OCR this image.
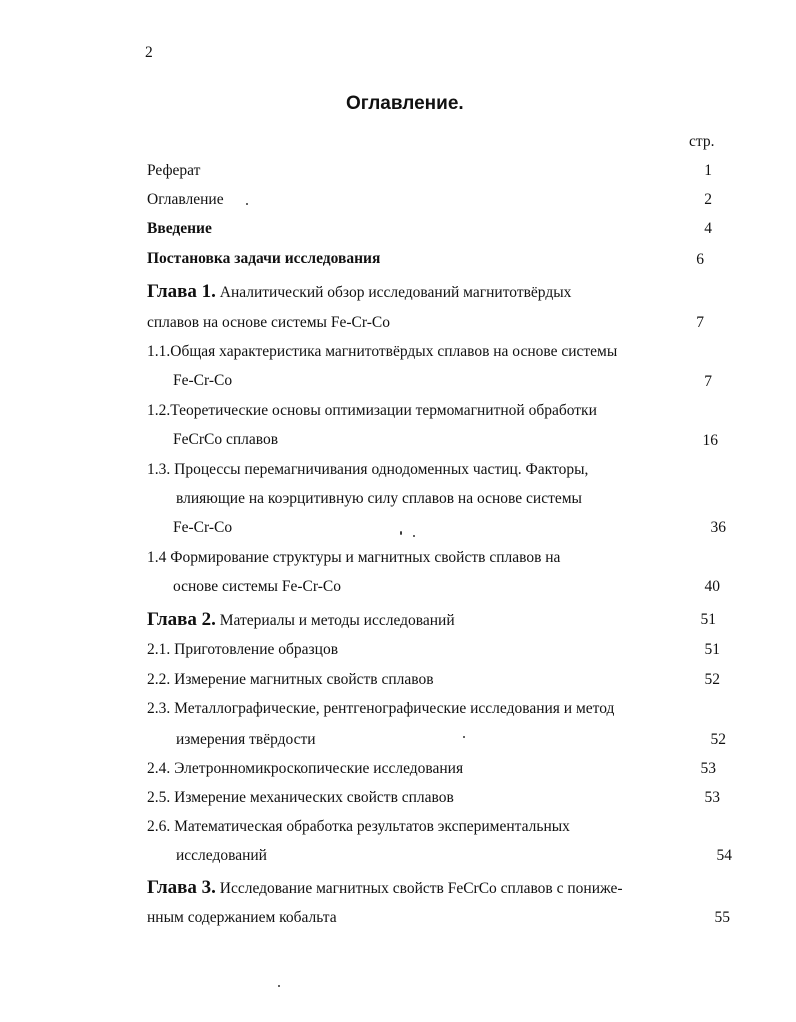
2
Оглавление.
стр.
Реферат	1
Оглавление	2
Введение	4
Постановка задачи исследования	6
Глава 1. Аналитический обзор исследований магнитотвёрдых
сплавов на основе системы Fe-Cr-Co	7
1.1.Общая характеристика магнитотвёрдых сплавов на основе системы
Fe-Cr-Co	7
1.2.Теоретические основы оптимизации термомагнитной обработки
FeCrCo сплавов	16
1.3. Процессы перемагничивания однодоменных частиц. Факторы,
влияющие на коэрцитивную силу сплавов на основе системы
Fe-Cr-Co	36
1.4 Формирование структуры и магнитных свойств сплавов на
основе системы Fe-Cr-Co	40
Глава 2. Материалы и методы исследований	51
2.1. Приготовление образцов	51
2.2. Измерение магнитных свойств сплавов	52
2.3. Металлографические, рентгенографические исследования и метод
измерения твёрдости	52
2.4. Элетронномикроскопические исследования	53
2.5. Измерение механических свойств сплавов	53
2.6. Математическая обработка результатов экспериментальных
исследований	54
Глава 3. Исследование магнитных свойств FeCrCo сплавов с пониже-
нным содержанием кобальта	55
